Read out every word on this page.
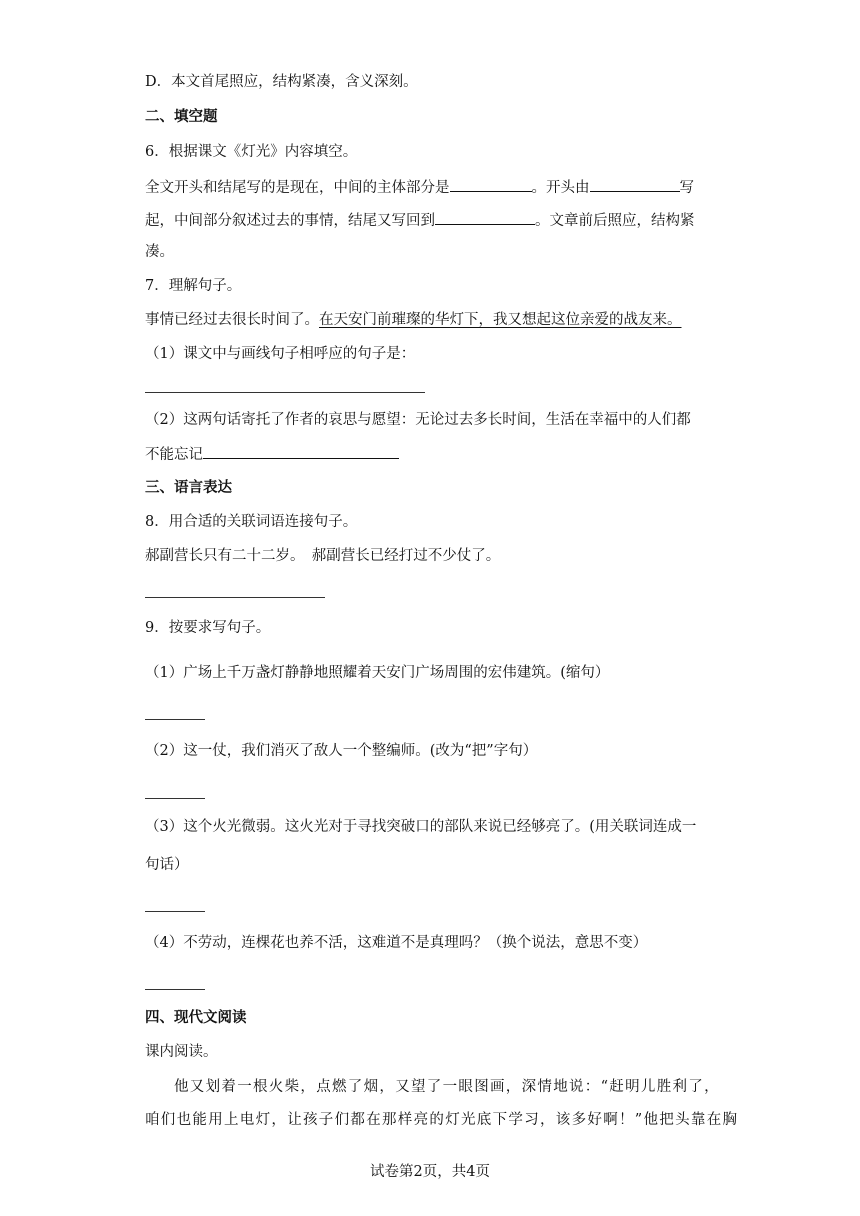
D．本文首尾照应，结构紧凑，含义深刻。
二、填空题
6．根据课文《灯光》内容填空。
全文开头和结尾写的是现在，中间的主体部分是	。开头由	写
起，中间部分叙述过去的事情，结尾又写回到	。文章前后照应，结构紧
凑。
7．理解句子。
事情已经过去很长时间了。在天安门前璀璨的华灯下，我又想起这位亲爱的战友来。
（1）课文中与画线句子相呼应的句子是：
（2）这两句话寄托了作者的哀思与愿望：无论过去多长时间，生活在幸福中的人们都
不能忘记
三、语言表达
8．用合适的关联词语连接句子。
郝副营长只有二十二岁。　郝副营长已经打过不少仗了。
9．按要求写句子。
（1）广场上千万盏灯静静地照耀着天安门广场周围的宏伟建筑。(缩句）
（2）这一仗，我们消灭了敌人一个整编师。(改为“把”字句）
（3）这个火光微弱。这火光对于寻找突破口的部队来说已经够亮了。(用关联词连成一
句话）
（4）不劳动，连棵花也养不活，这难道不是真理吗？（换个说法，意思不变）
四、现代文阅读
课内阅读。
他又划着一根火柴，点燃了烟，又望了一眼图画，深情地说：“赶明儿胜利了，
咱们也能用上电灯，让孩子们都在那样亮的灯光底下学习，该多好啊！”他把头靠在胸
试卷第2页，共4页
